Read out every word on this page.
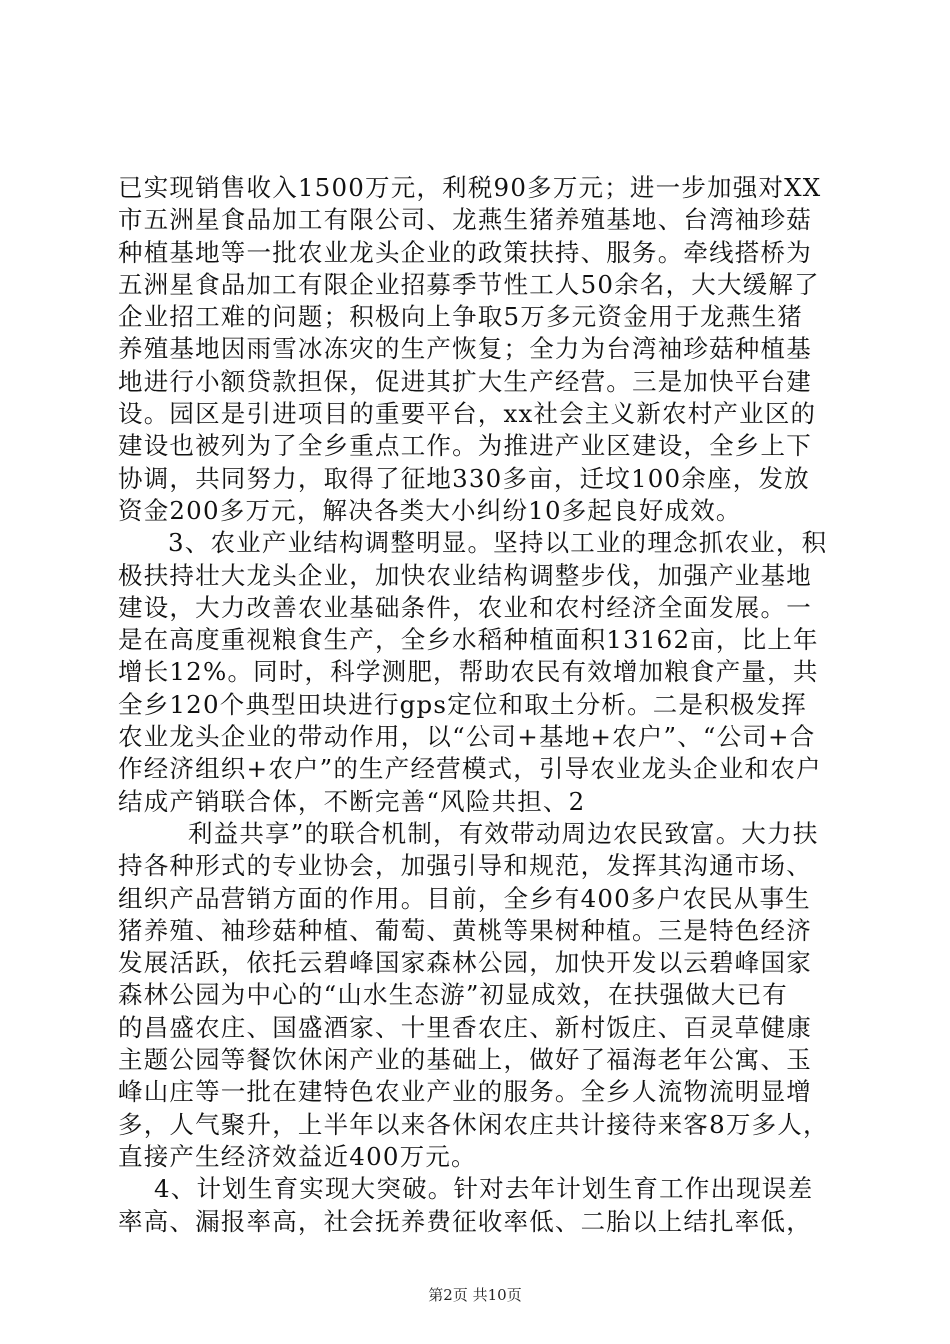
已实现销售收入1500万元，利税90多万元；进一步加强对XX
市五洲星食品加工有限公司、龙燕生猪养殖基地、台湾袖珍菇
种植基地等一批农业龙头企业的政策扶持、服务。牵线搭桥为
五洲星食品加工有限企业招募季节性工人50余名，大大缓解了
企业招工难的问题；积极向上争取5万多元资金用于龙燕生猪
养殖基地因雨雪冰冻灾的生产恢复；全力为台湾袖珍菇种植基
地进行小额贷款担保，促进其扩大生产经营。三是加快平台建
设。园区是引进项目的重要平台，xx社会主义新农村产业区的
建设也被列为了全乡重点工作。为推进产业区建设，全乡上下
协调，共同努力，取得了征地330多亩，迁坟100余座，发放
资金200多万元，解决各类大小纠纷10多起良好成效。
3、农业产业结构调整明显。坚持以工业的理念抓农业，积
极扶持壮大龙头企业，加快农业结构调整步伐，加强产业基地
建设，大力改善农业基础条件，农业和农村经济全面发展。一
是在高度重视粮食生产，全乡水稻种植面积13162亩，比上年
增长12%。同时，科学测肥，帮助农民有效增加粮食产量，共
全乡120个典型田块进行gps定位和取土分析。二是积极发挥
农业龙头企业的带动作用，以“公司+基地+农户”、“公司+合
作经济组织+农户”的生产经营模式，引导农业龙头企业和农户
结成产销联合体，不断完善“风险共担、2
利益共享”的联合机制，有效带动周边农民致富。大力扶
持各种形式的专业协会，加强引导和规范，发挥其沟通市场、
组织产品营销方面的作用。目前，全乡有400多户农民从事生
猪养殖、袖珍菇种植、葡萄、黄桃等果树种植。三是特色经济
发展活跃，依托云碧峰国家森林公园，加快开发以云碧峰国家
森林公园为中心的“山水生态游”初显成效，在扶强做大已有
的昌盛农庄、国盛酒家、十里香农庄、新村饭庄、百灵草健康
主题公园等餐饮休闲产业的基础上，做好了福海老年公寓、玉
峰山庄等一批在建特色农业产业的服务。全乡人流物流明显增
多，人气聚升，上半年以来各休闲农庄共计接待来客8万多人，
直接产生经济效益近400万元。
4、计划生育实现大突破。针对去年计划生育工作出现误差
率高、漏报率高，社会抚养费征收率低、二胎以上结扎率低，
第2页 共10页
